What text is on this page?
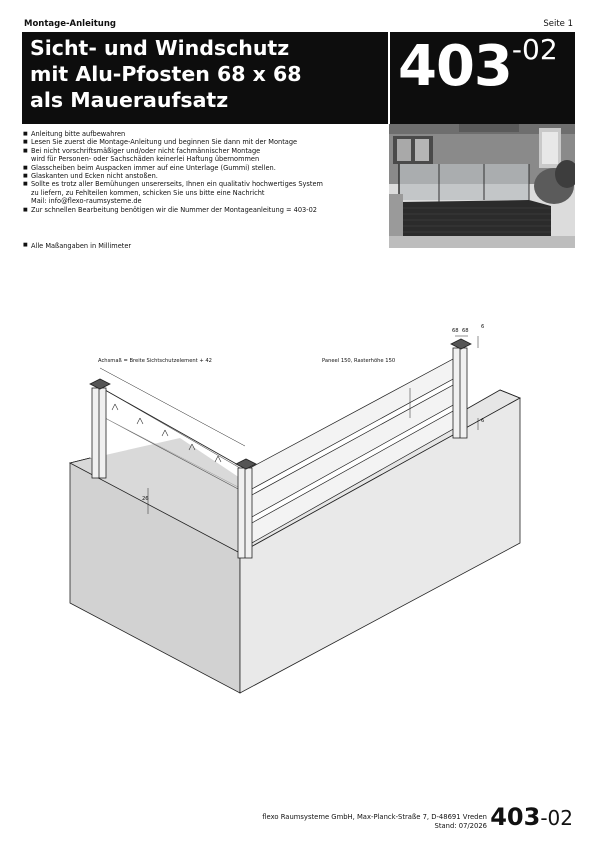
Montage-Anleitung	Seite 1
Sicht- und Windschutz
mit Alu-Pfosten 68 x 68
als Maueraufsatz
403-02
■ Anleitung bitte aufbewahren
■ Lesen Sie zuerst die Montage-Anleitung und beginnen Sie dann mit der Montage
■ Bei nicht vorschriftsmäßiger und/oder nicht fachmännischer Montage
wird für Personen- oder Sachschäden keinerlei Haftung übernommen
■ Glasscheiben beim Auspacken immer auf eine Unterlage (Gummi) stellen.
■ Glaskanten und Ecken nicht anstoßen.
■ Sollte es trotz aller Bemühungen unsererseits, Ihnen ein qualitativ hochwertiges System
zu liefern, zu Fehlteilen kommen, schicken Sie uns bitte eine Nachricht
Mail: info@flexo-raumsysteme.de
■ Zur schnellen Bearbeitung benötigen wir die Nummer der Montageanleitung = 403-02
■ Alle Maßangaben in Millimeter
Achsmaß = Breite Sichtschutzelement + 42	Paneel 150, Rasterhöhe 150
68 68
6
6
26
flexo Raumsysteme GmbH, Max-Planck-Straße 7, D-48691 Vreden
Stand: 07/2026 403-02
